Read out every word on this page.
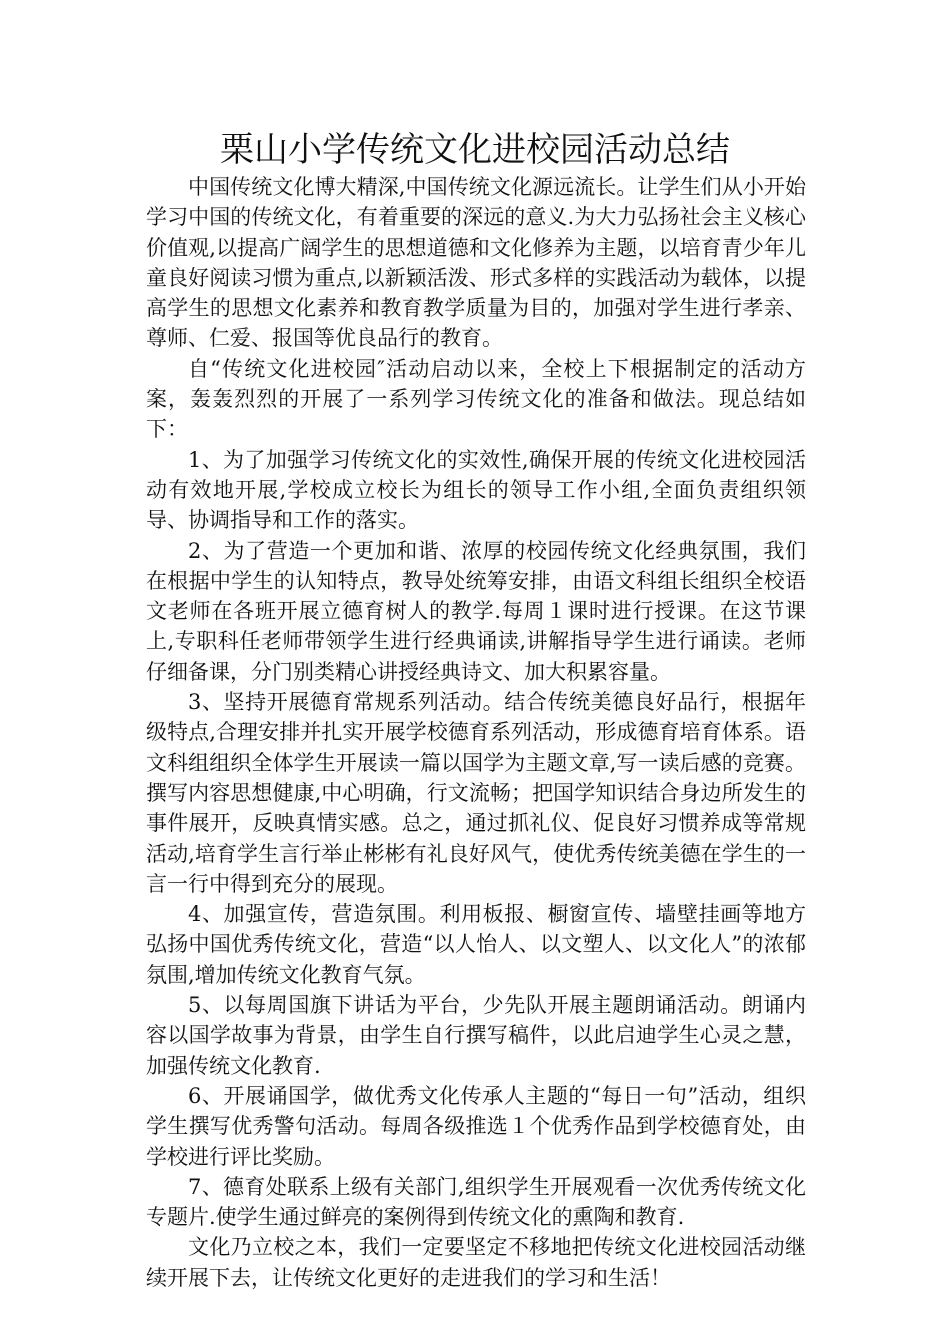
栗山小学传统文化进校园活动总结

中国传统文化博大精深,中国传统文化源远流长。让学生们从小开始学习中国的传统文化，有着重要的深远的意义.为大力弘扬社会主义核心价值观,以提高广阔学生的思想道德和文化修养为主题，以培育青少年儿童良好阅读习惯为重点,以新颖活泼、形式多样的实践活动为载体，以提高学生的思想文化素养和教育教学质量为目的，加强对学生进行孝亲、尊师、仁爱、报国等优良品行的教育。

自“传统文化进校园″活动启动以来，全校上下根据制定的活动方案，轰轰烈烈的开展了一系列学习传统文化的准备和做法。现总结如下：

1、为了加强学习传统文化的实效性,确保开展的传统文化进校园活动有效地开展,学校成立校长为组长的领导工作小组,全面负责组织领导、协调指导和工作的落实。

2、为了营造一个更加和谐、浓厚的校园传统文化经典氛围，我们在根据中学生的认知特点，教导处统筹安排，由语文科组长组织全校语文老师在各班开展立德育树人的教学.每周１课时进行授课。在这节课上,专职科任老师带领学生进行经典诵读,讲解指导学生进行诵读。老师仔细备课，分门别类精心讲授经典诗文、加大积累容量。

3、坚持开展德育常规系列活动。结合传统美德良好品行，根据年级特点,合理安排并扎实开展学校德育系列活动，形成德育培育体系。语文科组组织全体学生开展读一篇以国学为主题文章,写一读后感的竞赛。撰写内容思想健康,中心明确，行文流畅；把国学知识结合身边所发生的事件展开，反映真情实感。总之，通过抓礼仪、促良好习惯养成等常规活动,培育学生言行举止彬彬有礼良好风气，使优秀传统美德在学生的一言一行中得到充分的展现。

4、加强宣传，营造氛围。利用板报、橱窗宣传、墙壁挂画等地方弘扬中国优秀传统文化，营造“以人怡人、以文塑人、以文化人”的浓郁氛围,增加传统文化教育气氛。

5、以每周国旗下讲话为平台，少先队开展主题朗诵活动。朗诵内容以国学故事为背景，由学生自行撰写稿件，以此启迪学生心灵之慧，加强传统文化教育.

6、开展诵国学，做优秀文化传承人主题的“每日一句”活动，组织学生撰写优秀警句活动。每周各级推选１个优秀作品到学校德育处，由学校进行评比奖励。

7、德育处联系上级有关部门,组织学生开展观看一次优秀传统文化专题片.使学生通过鲜亮的案例得到传统文化的熏陶和教育.

文化乃立校之本，我们一定要坚定不移地把传统文化进校园活动继续开展下去，让传统文化更好的走进我们的学习和生活！
